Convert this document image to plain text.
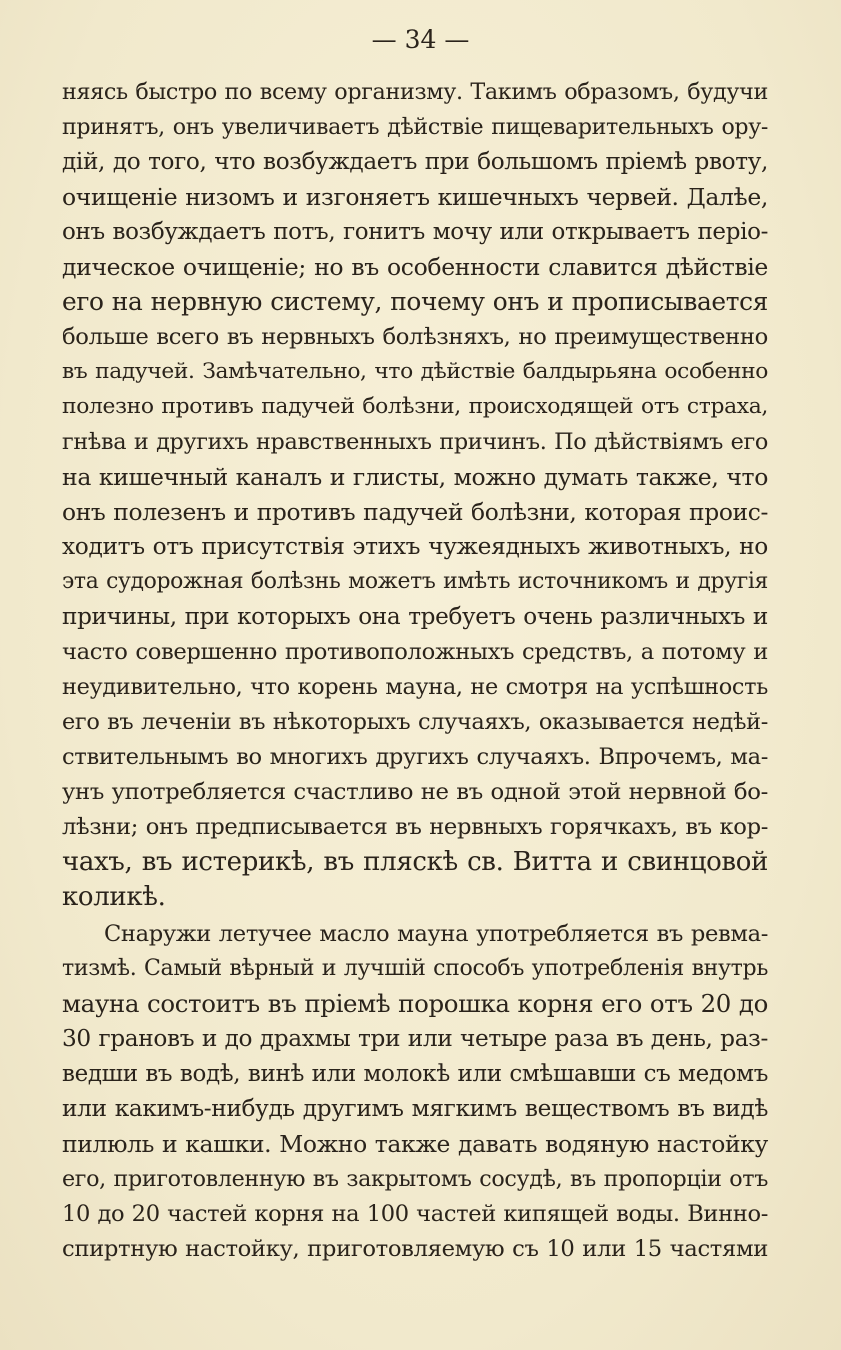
— 34 —
няясь быстро по всему организму. Такимъ образомъ, будучи
принятъ, онъ увеличиваетъ дѣйствіе пищеварительныхъ ору-
дій, до того, что возбуждаетъ при большомъ пріемѣ рвоту,
очищеніе низомъ и изгоняетъ кишечныхъ червей. Далѣе,
онъ возбуждаетъ потъ, гонитъ мочу или открываетъ періо-
дическое очищеніе; но въ особенности славится дѣйствіе
его на нервную систему, почему онъ и прописывается
больше всего въ нервныхъ болѣзняхъ, но преимущественно
въ падучей. Замѣчательно, что дѣйствіе балдырьяна особенно
полезно противъ падучей болѣзни, происходящей отъ страха,
гнѣва и другихъ нравственныхъ причинъ. По дѣйствіямъ его
на кишечный каналъ и глисты, можно думать также, что
онъ полезенъ и противъ падучей болѣзни, которая проис-
ходитъ отъ присутствія этихъ чужеядныхъ животныхъ, но
эта судорожная болѣзнь можетъ имѣть источникомъ и другія
причины, при которыхъ она требуетъ очень различныхъ и
часто совершенно противоположныхъ средствъ, а потому и
неудивительно, что корень мауна, не смотря на успѣшность
его въ леченіи въ нѣкоторыхъ случаяхъ, оказывается недѣй-
ствительнымъ во многихъ другихъ случаяхъ. Впрочемъ, ма-
унъ употребляется счастливо не въ одной этой нервной бо-
лѣзни; онъ предписывается въ нервныхъ горячкахъ, въ кор-
чахъ, въ истерикѣ, въ пляскѣ св. Витта и свинцовой
коликѣ.
Снаружи летучее масло мауна употребляется въ ревма-
тизмѣ. Самый вѣрный и лучшій способъ употребленія внутрь
мауна состоитъ въ пріемѣ порошка корня его отъ 20 до
30 грановъ и до драхмы три или четыре раза въ день, раз-
ведши въ водѣ, винѣ или молокѣ или смѣшавши съ медомъ
или какимъ-нибудь другимъ мягкимъ веществомъ въ видѣ
пилюль и кашки. Можно также давать водяную настойку
его, приготовленную въ закрытомъ сосудѣ, въ пропорціи отъ
10 до 20 частей корня на 100 частей кипящей воды. Винно-
спиртную настойку, приготовляемую съ 10 или 15 частями
